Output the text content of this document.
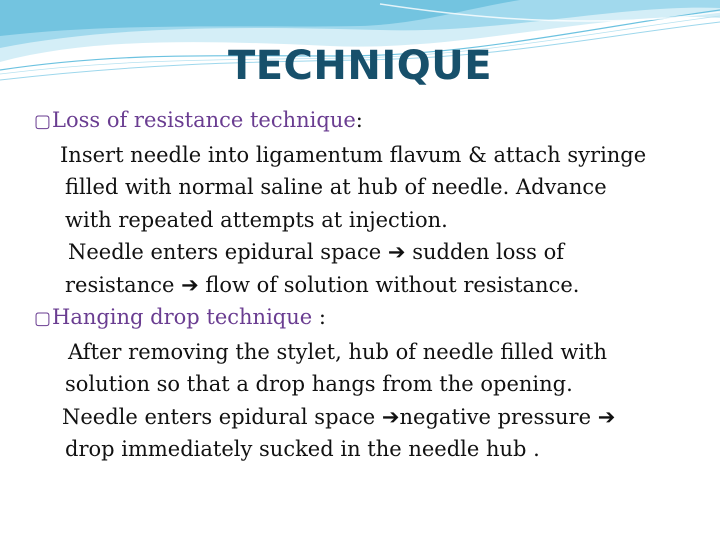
TECHNIQUE
▢Loss of resistance technique:
Insert needle into ligamentum flavum & attach syringe
filled with normal saline at hub of needle. Advance
with repeated attempts at injection.
Needle enters epidural space ➔ sudden loss of
resistance ➔ flow of solution without resistance.
▢Hanging drop technique :
After removing the stylet, hub of needle filled with
solution so that a drop hangs from the opening.
Needle enters epidural space ➔negative pressure ➔
drop immediately sucked in the needle hub .
